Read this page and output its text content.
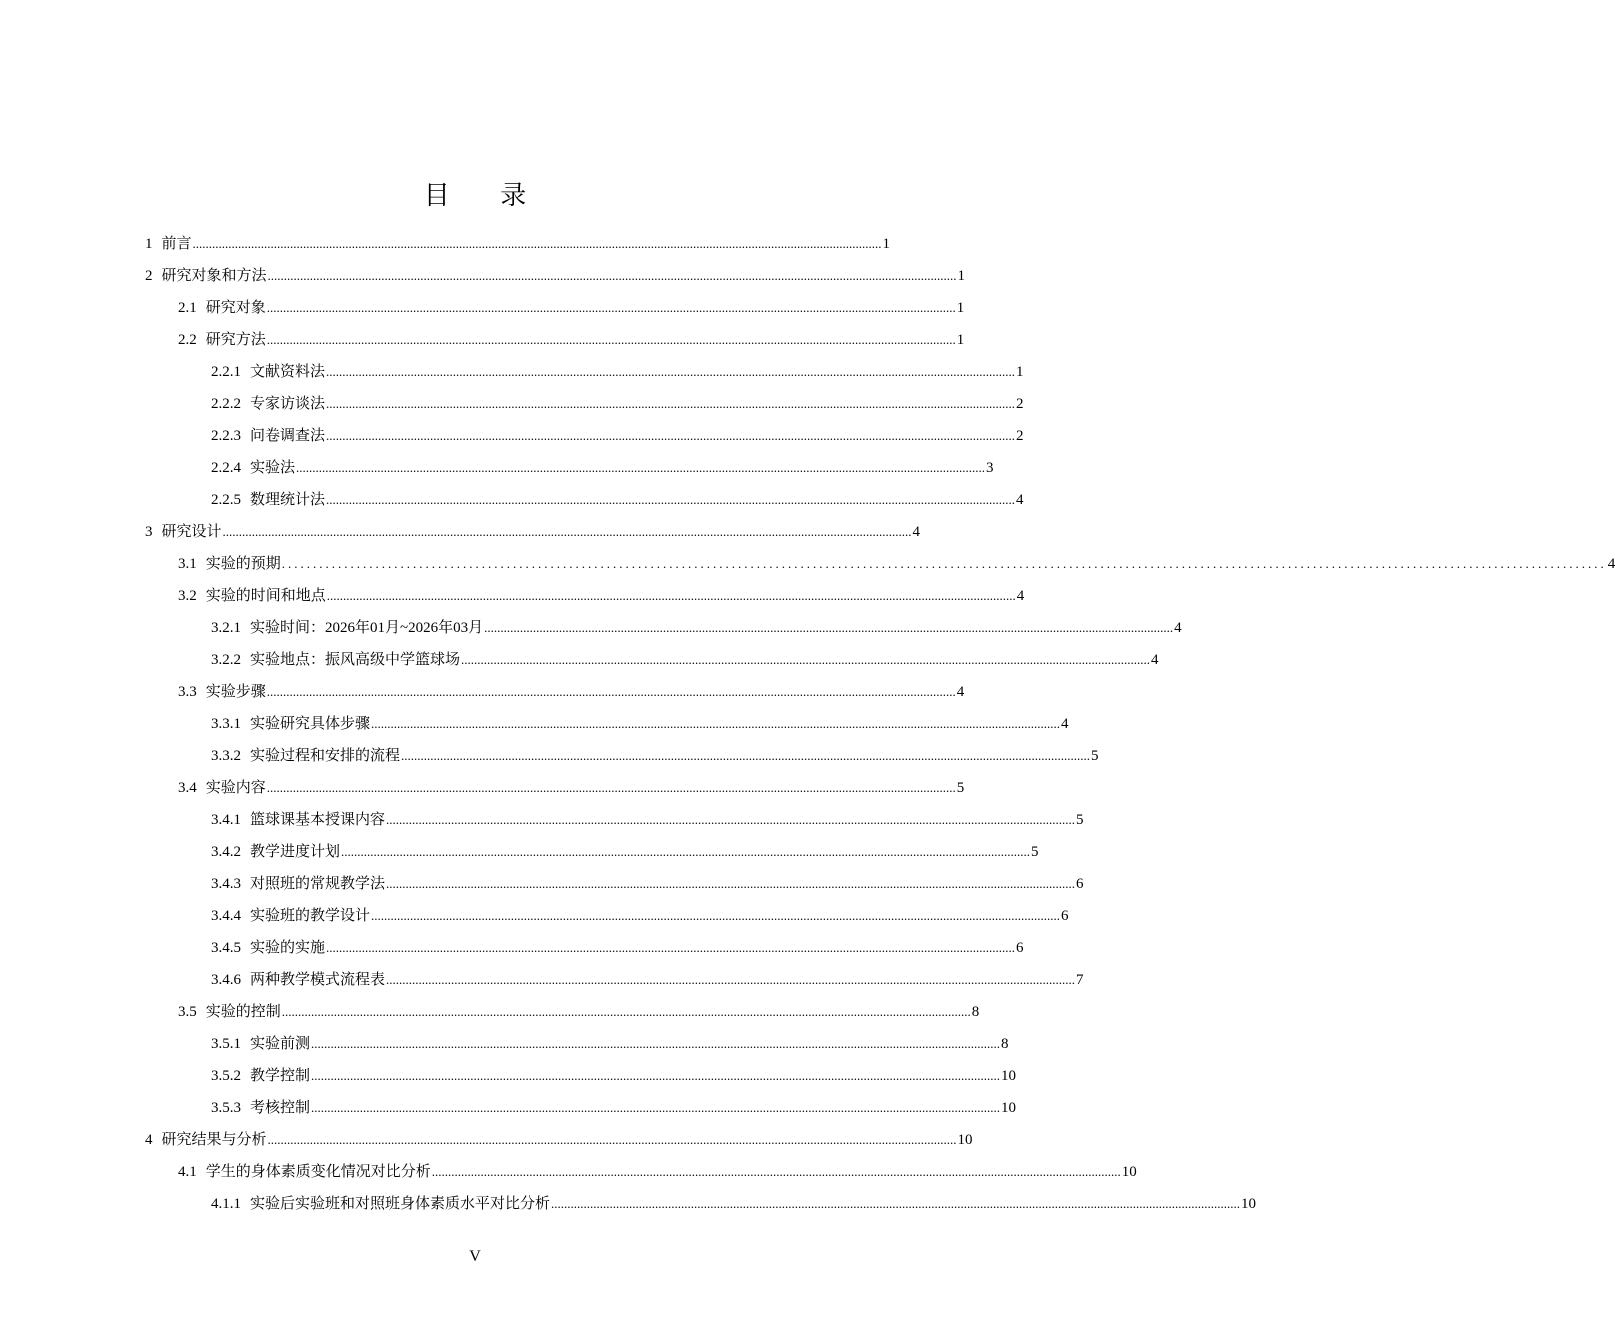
目 录
1 前言 .................................................................................................................................................................................................................... 1
2 研究对象和方法 .................................................................................................................................................................................................................... 1
2.1 研究对象 .................................................................................................................................................................................................................... 1
2.2 研究方法 .................................................................................................................................................................................................................... 1
2.2.1 文献资料法 .................................................................................................................................................................................................................... 1
2.2.2 专家访谈法 .................................................................................................................................................................................................................... 2
2.2.3 问卷调查法 .................................................................................................................................................................................................................... 2
2.2.4 实验法 .................................................................................................................................................................................................................... 3
2.2.5 数理统计法 .................................................................................................................................................................................................................... 4
3 研究设计 .................................................................................................................................................................................................................... 4
3.1 实验的预期 .................................................................................................................................................................................................................... 4
3.2 实验的时间和地点 .................................................................................................................................................................................................................... 4
3.2.1 实验时间：2026年01月~2026年03月 .................................................................................................................................................................................................................... 4
3.2.2 实验地点：振风高级中学篮球场 .................................................................................................................................................................................................................... 4
3.3 实验步骤 .................................................................................................................................................................................................................... 4
3.3.1 实验研究具体步骤 .................................................................................................................................................................................................................... 4
3.3.2 实验过程和安排的流程 .................................................................................................................................................................................................................... 5
3.4 实验内容 .................................................................................................................................................................................................................... 5
3.4.1 篮球课基本授课内容 .................................................................................................................................................................................................................... 5
3.4.2 教学进度计划 .................................................................................................................................................................................................................... 5
3.4.3 对照班的常规教学法 .................................................................................................................................................................................................................... 6
3.4.4 实验班的教学设计 .................................................................................................................................................................................................................... 6
3.4.5 实验的实施 .................................................................................................................................................................................................................... 6
3.4.6 两种教学模式流程表 .................................................................................................................................................................................................................... 7
3.5 实验的控制 .................................................................................................................................................................................................................... 8
3.5.1 实验前测 .................................................................................................................................................................................................................... 8
3.5.2 教学控制 .................................................................................................................................................................................................................... 10
3.5.3 考核控制 .................................................................................................................................................................................................................... 10
4 研究结果与分析 .................................................................................................................................................................................................................... 10
4.1 学生的身体素质变化情况对比分析 .................................................................................................................................................................................................................... 10
4.1.1 实验后实验班和对照班身体素质水平对比分析 .................................................................................................................................................................................................................... 10
V
